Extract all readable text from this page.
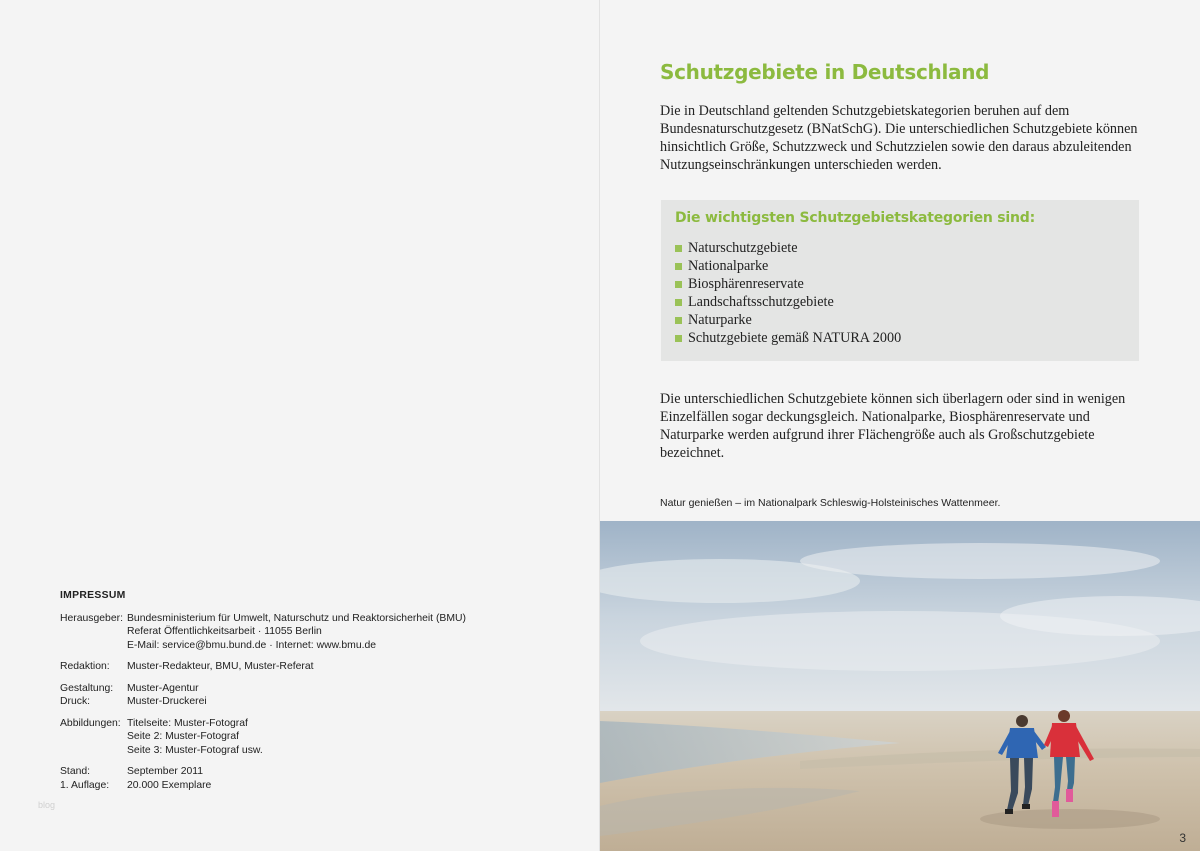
IMPRESSUM

Herausgeber: Bundesministerium für Umwelt, Naturschutz und Reaktorsicherheit (BMU)
Referat Öffentlichkeitsarbeit · 11055 Berlin
E-Mail: service@bmu.bund.de · Internet: www.bmu.de
Redaktion:	Muster-Redakteur, BMU, Muster-Referat
Gestaltung:	Muster-Agentur
Druck:	Muster-Druckerei
Abbildungen: Titelseite: Muster-Fotograf
Seite 2: Muster-Fotograf
Seite 3: Muster-Fotograf usw.
Stand:	September 2011
1. Auflage:	20.000 Exemplare
blog
Schutzgebiete in Deutschland

Die in Deutschland geltenden Schutzgebietskategorien beruhen auf dem Bundesnaturschutzgesetz (BNatSchG). Die unterschiedlichen Schutzgebiete können hinsichtlich Größe, Schutzzweck und Schutzzielen sowie den daraus abzuleitenden Nutzungseinschränkungen unterschieden werden.

Die wichtigsten Schutzgebietskategorien sind:

Naturschutzgebiete
Nationalparke
Biosphärenreservate
Landschaftsschutzgebiete
Naturparke
Schutzgebiete gemäß NATURA 2000

Die unterschiedlichen Schutzgebiete können sich überlagern oder sind in wenigen Einzelfällen sogar deckungsgleich. Nationalparke, Biosphärenreservate und Naturparke werden aufgrund ihrer Flächengröße auch als Großschutzgebiete bezeichnet.

Natur genießen – im Nationalpark Schleswig-Holsteinisches Wattenmeer.

3
